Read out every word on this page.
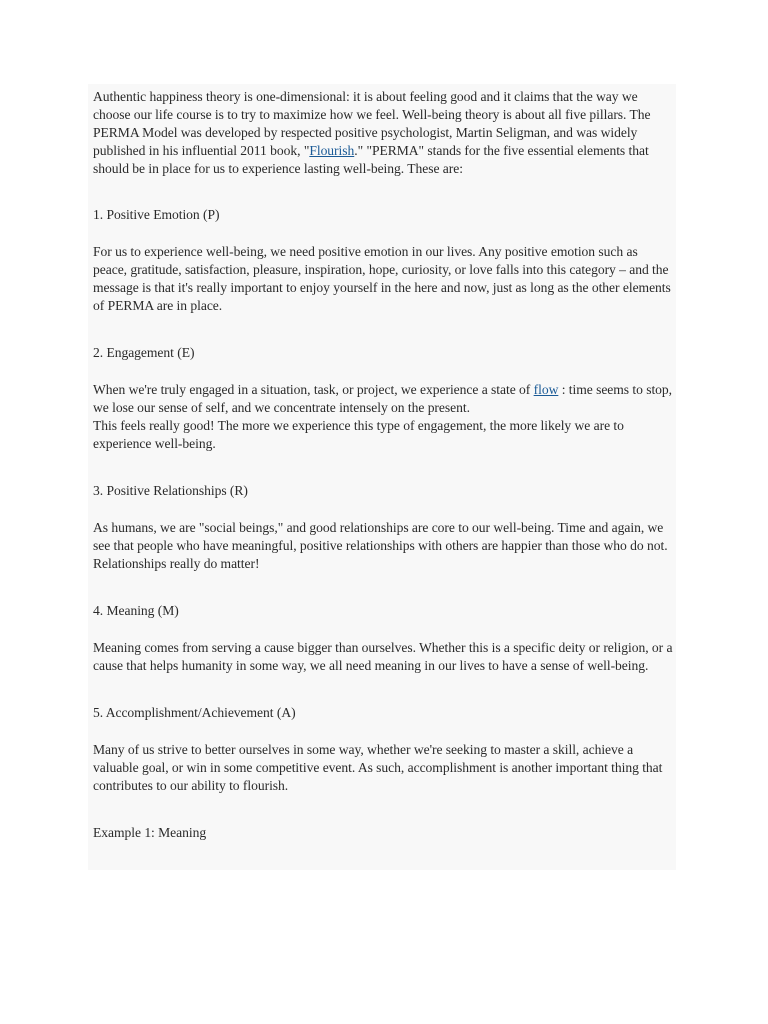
Authentic happiness theory is one-dimensional: it is about feeling good and it claims that the way we choose our life course is to try to maximize how we feel. Well-being theory is about all five pillars. The PERMA Model was developed by respected positive psychologist, Martin Seligman, and was widely published in his influential 2011 book, "Flourish." "PERMA" stands for the five essential elements that should be in place for us to experience lasting well-being. These are:

1. Positive Emotion (P)

For us to experience well-being, we need positive emotion in our lives. Any positive emotion such as peace, gratitude, satisfaction, pleasure, inspiration, hope, curiosity, or love falls into this category – and the message is that it's really important to enjoy yourself in the here and now, just as long as the other elements of PERMA are in place.

2. Engagement (E)

When we're truly engaged in a situation, task, or project, we experience a state of flow : time seems to stop, we lose our sense of self, and we concentrate intensely on the present.

This feels really good! The more we experience this type of engagement, the more likely we are to experience well-being.

3. Positive Relationships (R)

As humans, we are "social beings," and good relationships are core to our well-being. Time and again, we see that people who have meaningful, positive relationships with others are happier than those who do not. Relationships really do matter!

4. Meaning (M)

Meaning comes from serving a cause bigger than ourselves. Whether this is a specific deity or religion, or a cause that helps humanity in some way, we all need meaning in our lives to have a sense of well-being.

5. Accomplishment/Achievement (A)

Many of us strive to better ourselves in some way, whether we're seeking to master a skill, achieve a valuable goal, or win in some competitive event. As such, accomplishment is another important thing that contributes to our ability to flourish.

Example 1: Meaning
